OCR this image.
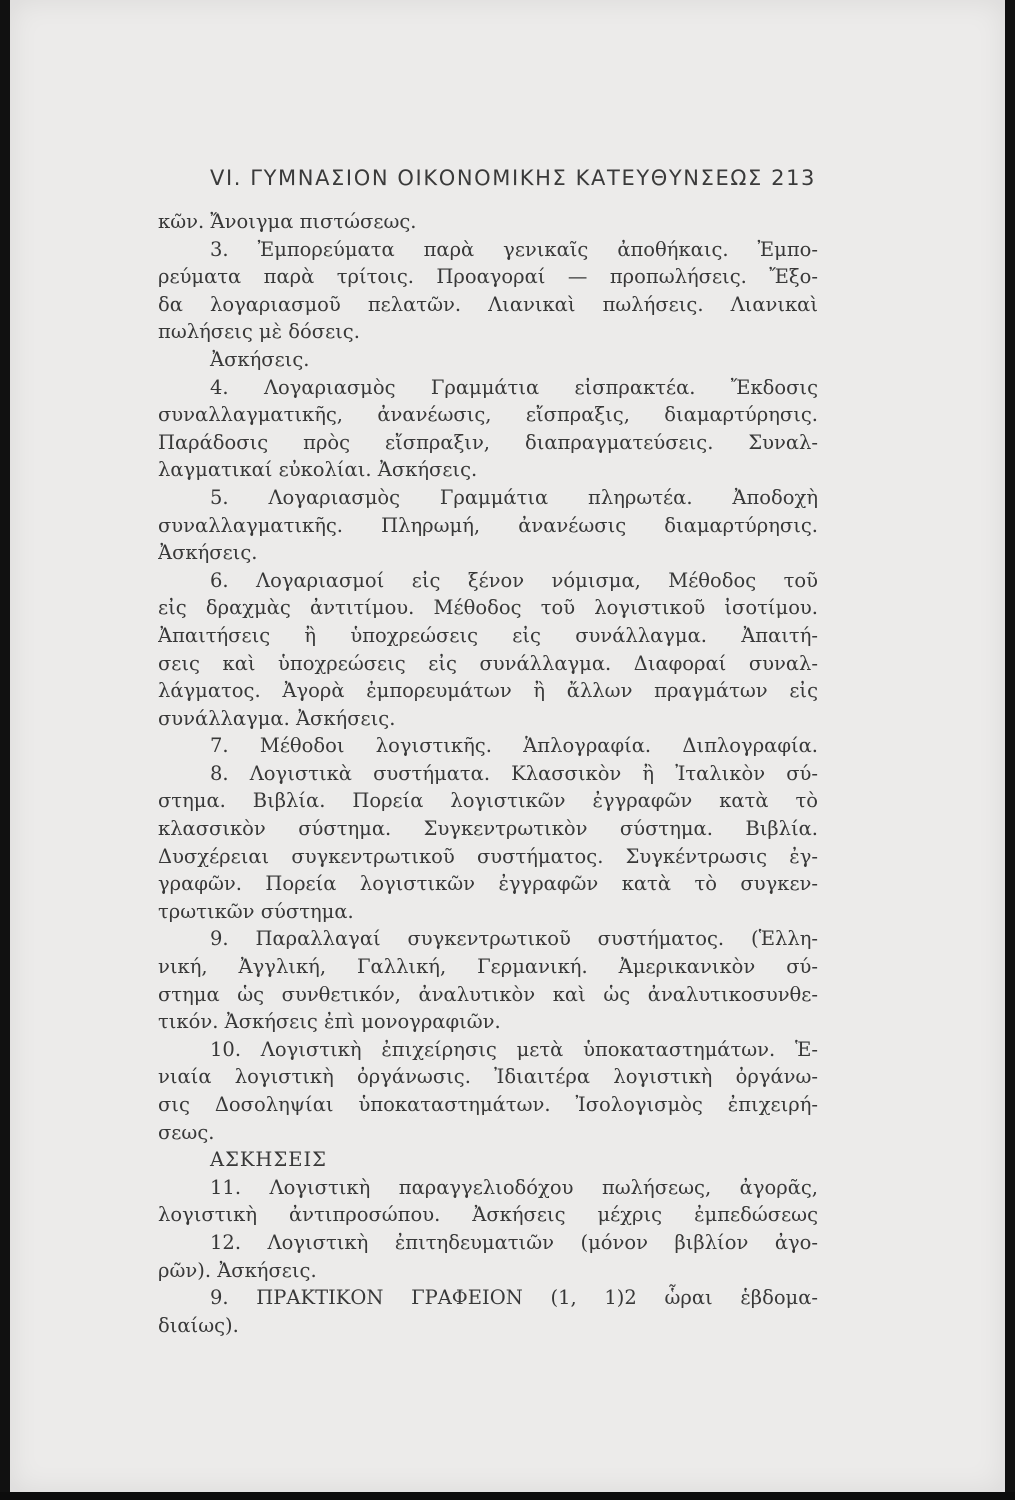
VI. ΓΥΜΝΑΣΙΟΝ ΟΙΚΟΝΟΜΙΚΗΣ ΚΑΤΕΥΘΥΝΣΕΩΣ 213
κῶν. Ἄνοιγμα πιστώσεως.
3. Ἐμπορεύματα παρὰ γενικαῖς ἀποθήκαις. Ἐμπο-
ρεύματα παρὰ τρίτοις. Προαγοραί — προπωλήσεις. Ἔξο-
δα λογαριασμοῦ πελατῶν. Λιανικαὶ πωλήσεις. Λιανικαὶ
πωλήσεις μὲ δόσεις.
Ἀσκήσεις.
4. Λογαριασμὸς Γραμμάτια εἰσπρακτέα. Ἔκδοσις
συναλλαγματικῆς, ἀνανέωσις, εἴσπραξις, διαμαρτύρησις.
Παράδοσις πρὸς εἴσπραξιν, διαπραγματεύσεις. Συναλ-
λαγματικαί εὐκολίαι. Ἀσκήσεις.
5. Λογαριασμὸς Γραμμάτια πληρωτέα. Ἀποδοχὴ
συναλλαγματικῆς. Πληρωμή, ἀνανέωσις διαμαρτύρησις.
Ἀσκήσεις.
6. Λογαριασμοί εἰς ξένον νόμισμα, Μέθοδος τοῦ
εἰς δραχμὰς ἀντιτίμου. Μέθοδος τοῦ λογιστικοῦ ἰσοτίμου.
Ἀπαιτήσεις ἢ ὑποχρεώσεις εἰς συνάλλαγμα. Ἀπαιτή-
σεις καὶ ὑποχρεώσεις εἰς συνάλλαγμα. Διαφοραί συναλ-
λάγματος. Ἀγορὰ ἐμπορευμάτων ἢ ἄλλων πραγμάτων εἰς
συνάλλαγμα. Ἀσκήσεις.
7. Μέθοδοι λογιστικῆς. Ἁπλογραφία. Διπλογραφία.
8. Λογιστικὰ συστήματα. Κλασσικὸν ἢ Ἰταλικὸν σύ-
στημα. Βιβλία. Πορεία λογιστικῶν ἐγγραφῶν κατὰ τὸ
κλασσικὸν σύστημα. Συγκεντρωτικὸν σύστημα. Βιβλία.
Δυσχέρειαι συγκεντρωτικοῦ συστήματος. Συγκέντρωσις ἐγ-
γραφῶν. Πορεία λογιστικῶν ἐγγραφῶν κατὰ τὸ συγκεν-
τρωτικῶν σύστημα.
9. Παραλλαγαί συγκεντρωτικοῦ συστήματος. (Ἑλλη-
νική, Ἀγγλική, Γαλλική, Γερμανική. Ἀμερικανικὸν σύ-
στημα ὡς συνθετικόν, ἀναλυτικὸν καὶ ὡς ἀναλυτικοσυνθε-
τικόν. Ἀσκήσεις ἐπὶ μονογραφιῶν.
10. Λογιστικὴ ἐπιχείρησις μετὰ ὑποκαταστημάτων. Ἑ-
νιαία λογιστικὴ ὀργάνωσις. Ἰδιαιτέρα λογιστικὴ ὀργάνω-
σις Δοσοληψίαι ὑποκαταστημάτων. Ἰσολογισμὸς ἐπιχειρή-
σεως.
ΑΣΚΗΣΕΙΣ
11. Λογιστικὴ παραγγελιοδόχου πωλήσεως, ἀγορᾶς,
λογιστικὴ ἀντιπροσώπου. Ἀσκήσεις μέχρις ἐμπεδώσεως
12. Λογιστικὴ ἐπιτηδευματιῶν (μόνον βιβλίον ἀγο-
ρῶν). Ἀσκήσεις.
9. ΠΡΑΚΤΙΚΟΝ ΓΡΑΦΕΙΟΝ (1, 1)2 ὧραι ἑβδομα-
διαίως).
